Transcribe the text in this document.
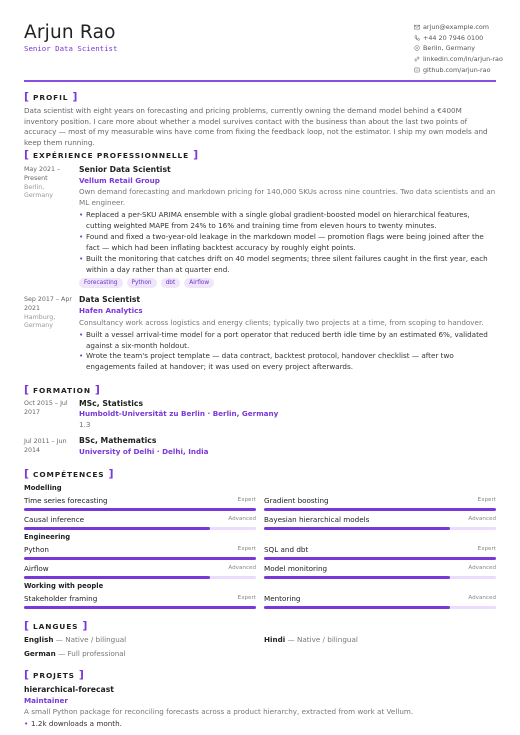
Arjun Rao
Senior Data Scientist
arjun@example.com
+44 20 7946 0100
Berlin, Germany
linkedin.com/in/arjun-rao
github.com/arjun-rao
[ PROFIL ]
Data scientist with eight years on forecasting and pricing problems, currently owning the demand model behind a €400M inventory position. I care more about whether a model survives contact with the business than about the last two points of accuracy — most of my measurable wins have come from fixing the feedback loop, not the estimator. I ship my own models and keep them running.
[ EXPÉRIENCE PROFESSIONNELLE ]
May 2021 – Present
Berlin, Germany
Senior Data Scientist
Vellum Retail Group
Own demand forecasting and markdown pricing for 140,000 SKUs across nine countries. Two data scientists and an ML engineer.
• Replaced a per-SKU ARIMA ensemble with a single global gradient-boosted model on hierarchical features, cutting weighted MAPE from 24% to 16% and training time from eleven hours to twenty minutes.
• Found and fixed a two-year-old leakage in the markdown model — promotion flags were being joined after the fact — which had been inflating backtest accuracy by roughly eight points.
• Built the monitoring that catches drift on 40 model segments; three silent failures caught in the first year, each within a day rather than at quarter end.
Forecasting	Python	dbt	Airflow
Sep 2017 – Apr 2021
Hamburg, Germany
Data Scientist
Hafen Analytics
Consultancy work across logistics and energy clients; typically two projects at a time, from scoping to handover.
• Built a vessel arrival-time model for a port operator that reduced berth idle time by an estimated 6%, validated against a six-month holdout.
• Wrote the team's project template — data contract, backtest protocol, handover checklist — after two engagements failed at handover; it was used on every project afterwards.
[ FORMATION ]
Oct 2015 – Jul 2017
MSc, Statistics
Humboldt-Universität zu Berlin · Berlin, Germany
1.3
Jul 2011 – Jun 2014
BSc, Mathematics
University of Delhi · Delhi, India
[ COMPÉTENCES ]
Modelling
Time series forecasting	Expert Gradient boosting	Expert
Causal inference	Advanced Bayesian hierarchical models	Advanced
Engineering
Python	Expert SQL and dbt	Expert
Airflow	Advanced Model monitoring	Advanced
Working with people
Stakeholder framing	Expert Mentoring	Advanced
[ LANGUES ]
English — Native / bilingual	Hindi — Native / bilingual
German — Full professional
[ PROJETS ]
hierarchical-forecast
Maintainer
A small Python package for reconciling forecasts across a product hierarchy, extracted from work at Vellum.
• 1.2k downloads a month.
